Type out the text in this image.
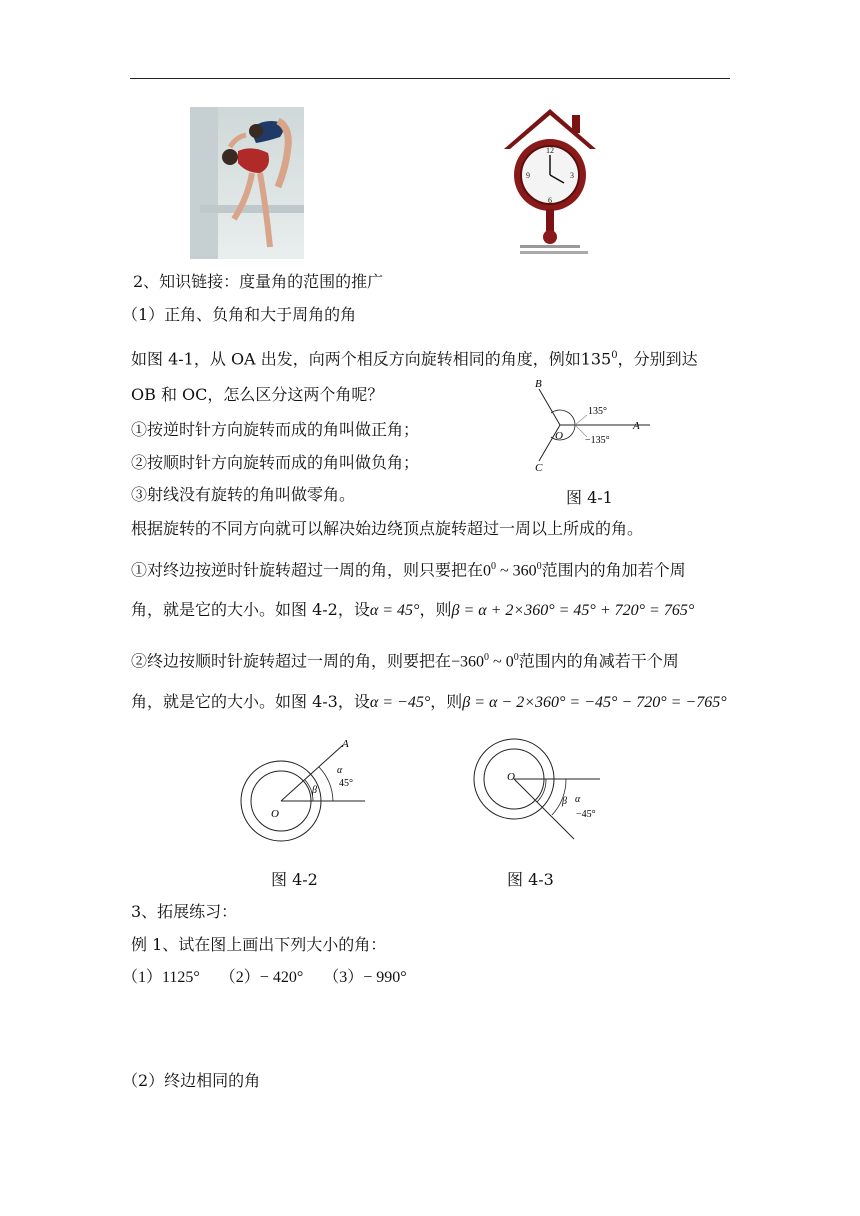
12
3
6
9
2、知识链接：度量角的范围的推广
（1）正角、负角和大于周角的角
如图 4-1，从 OA 出发，向两个相反方向旋转相同的角度，例如$135^0$，分别到达
OB 和 OC，怎么区分这两个角呢？
①按逆时针方向旋转而成的角叫做正角；
②按顺时针方向旋转而成的角叫做负角；
③射线没有旋转的角叫做零角。
B
A
C
O
135°
−135°
图 4-1
根据旋转的不同方向就可以解决始边绕顶点旋转超过一周以上所成的角。
①对终边按逆时针旋转超过一周的角，则只要把在$0^0$ ~ $360^0$范围内的角加若个周
角，就是它的大小。如图 4-2，设α = 45°，则β = α + 2×360° = 45° + 720° = 765°
②终边按顺时针旋转超过一周的角，则要把在$-360^0$ ~ $0^0$范围内的角减若干个周
角，就是它的大小。如图 4-3，设α = −45°，则β = α − 2×360° = −45° − 720° = −765°
A
O
α
β
45°
图 4-2
O
α
β
−45°
图 4-3
3、拓展练习：
例 1、试在图上画出下列大小的角：
（1）1125°　 （2）− 420°　 （3）− 990°
（2）终边相同的角
